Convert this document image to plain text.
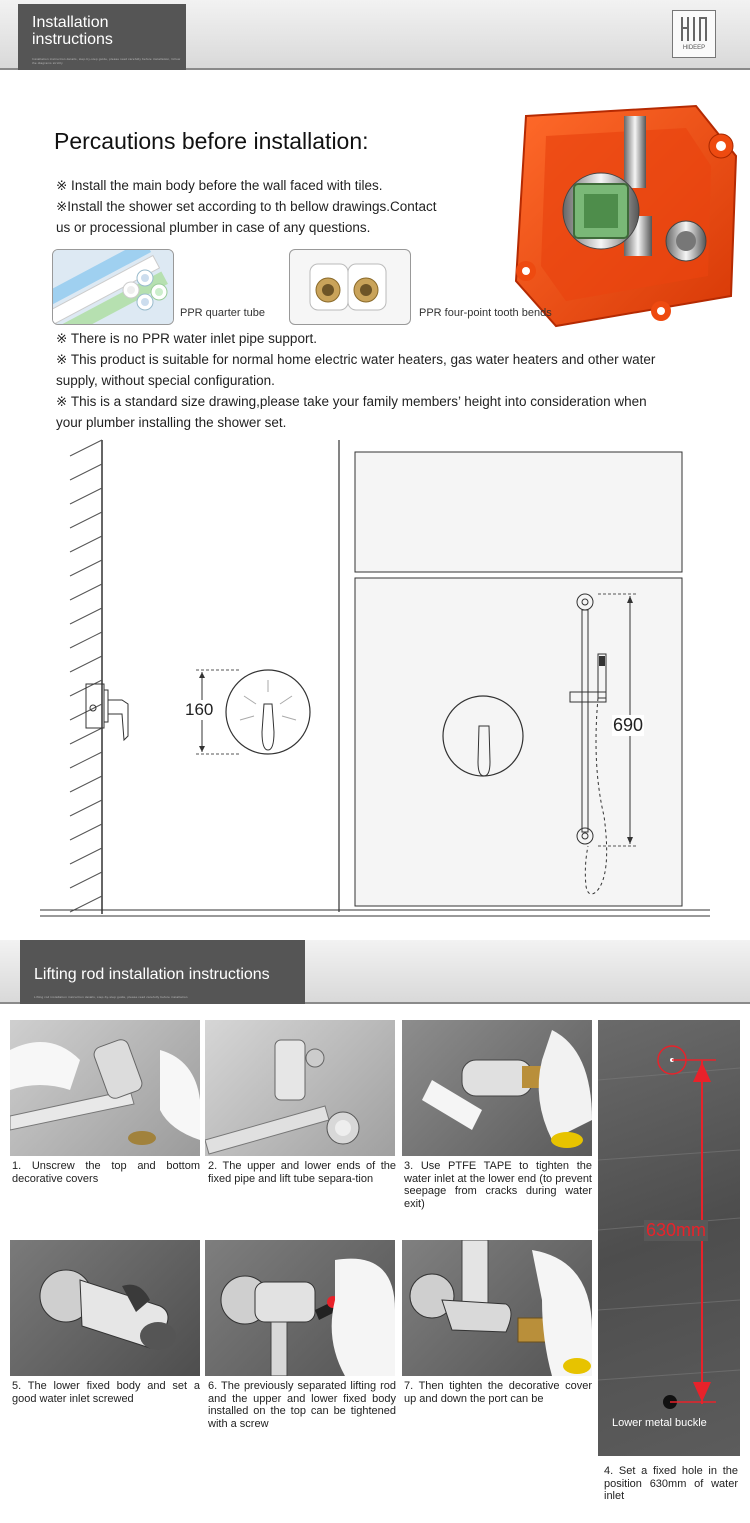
Installation
instructions
Installation instruction details, step-by-step guide, please read carefully before installation, follow the diagrams strictly
HIDEEP
Percautions before installation:
※ Install the main body before the wall faced with tiles.
※Install the shower set according to th bellow drawings.Contact
us or processional plumber in case of any questions.
PPR quarter tube	PPR four-point tooth bends
※ There is no PPR water inlet pipe support.
※ This product is suitable for normal home electric water heaters, gas water heaters and other water
supply, without special configuration.
※ This is a standard size drawing,please take your family members’ height into consideration when
your plumber installing the shower set.
160
690
Lifting rod installation instructions
Lifting rod installation instruction details, step-by-step guide, please read carefully before installation
1. Unscrew the top and bottom decorative covers
2. The upper and lower ends of the fixed pipe and lift tube separa-tion
3. Use PTFE TAPE to tighten the water inlet at the lower end (to prevent seepage from cracks during water exit)
5. The lower fixed body and set a good water inlet screwed
6. The previously separated lifting rod and the upper and lower fixed body installed on the top can be tightened with a screw
7. Then tighten the decorative cover up and down the port can be
630mm
Lower metal buckle
4. Set a fixed hole in the position 630mm of water inlet
